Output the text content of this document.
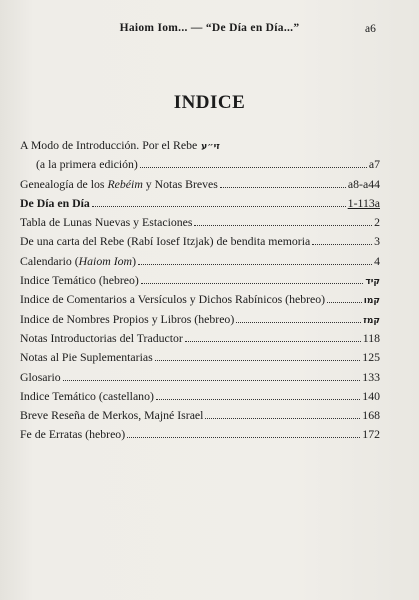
Haiom Iom... — “De Día en Día...”	a6
INDICE
A Modo de Introducción. Por el Rebe זי״ע
(a la primera edición)	a7
Genealogía de los Rebéim y Notas Breves	a8-a44
De Día en Día	1-113a
Tabla de Lunas Nuevas y Estaciones	2
De una carta del Rebe (Rabí Iosef Itzjak) de bendita memoria	3
Calendario (Haiom Iom)	4
Indice Temático (hebreo)	קיד
Indice de Comentarios a Versículos y Dichos Rabínicos (hebreo)	קמו
Indice de Nombres Propios y Libros (hebreo)	קמז
Notas Introductorias del Traductor	118
Notas al Pie Suplementarias	125
Glosario	133
Indice Temático (castellano)	140
Breve Reseña de Merkos, Majné Israel	168
Fe de Erratas (hebreo)	172
